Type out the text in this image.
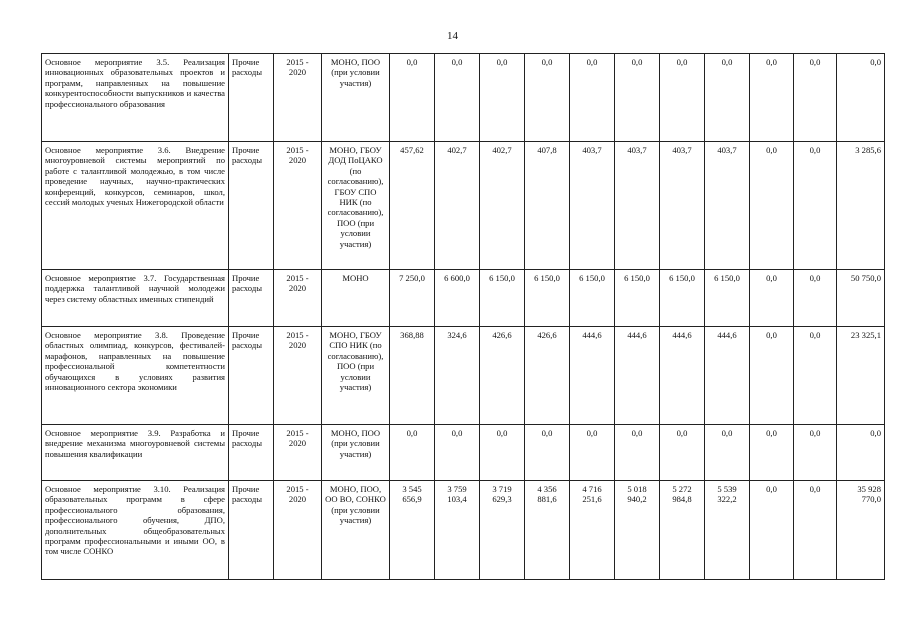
14
Основное мероприятие 3.5. Реализация инновационных образовательных проектов и программ, направленных на повышение конкурентоспособности выпускников и качества профессионального образования	Прочие расходы	2015 - 2020	МОНО, ПОО (при условии участия)	0,0	0,0	0,0	0,0	0,0	0,0	0,0	0,0	0,0	0,0	0,0
Основное мероприятие 3.6. Внедрение многоуровневой системы мероприятий по работе с талантливой молодежью, в том числе проведение научных, научно-практических конференций, конкурсов, семинаров, школ, сессий молодых ученых Нижегородской области	Прочие расходы	2015 - 2020	МОНО, ГБОУ ДОД ПоЦАКО (по согласованию), ГБОУ СПО НИК (по согласованию), ПОО (при условии участия)	457,62	402,7	402,7	407,8	403,7	403,7	403,7	403,7	0,0	0,0	3 285,6
Основное мероприятие 3.7. Государственная поддержка талантливой научной молодежи через систему областных именных стипендий	Прочие расходы	2015 - 2020	МОНО	7 250,0	6 600,0	6 150,0	6 150,0	6 150,0	6 150,0	6 150,0	6 150,0	0,0	0,0	50 750,0
Основное мероприятие 3.8. Проведение областных олимпиад, конкурсов, фестивалей-марафонов, направленных на повышение профессиональной компетентности обучающихся в условиях развития инновационного сектора экономики	Прочие расходы	2015 - 2020	МОНО, ГБОУ СПО НИК (по согласованию), ПОО (при условии участия)	368,88	324,6	426,6	426,6	444,6	444,6	444,6	444,6	0,0	0,0	23 325,1
Основное мероприятие 3.9. Разработка и внедрение механизма многоуровневой системы повышения квалификации	Прочие расходы	2015 - 2020	МОНО, ПОО (при условии участия)	0,0	0,0	0,0	0,0	0,0	0,0	0,0	0,0	0,0	0,0	0,0
Основное мероприятие 3.10. Реализация образовательных программ в сфере профессионального образования, профессионального обучения, ДПО, дополнительных общеобразовательных программ профессиональными и иными ОО, в том числе СОНКО	Прочие расходы	2015 - 2020	МОНО, ПОО, ОО ВО, СОНКО (при условии участия)	3 545 656,9	3 759 103,4	3 719 629,3	4 356 881,6	4 716 251,6	5 018 940,2	5 272 984,8	5 539 322,2	0,0	0,0	35 928 770,0
